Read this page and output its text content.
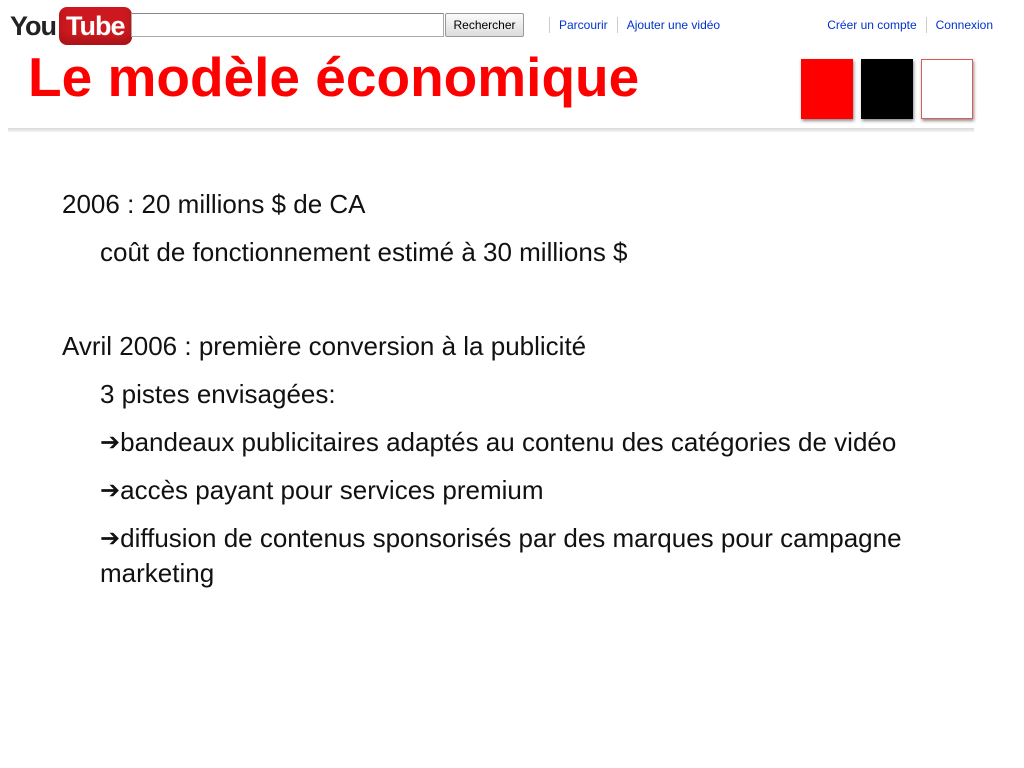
You Tube	Rechercher	Parcourir Ajouter une vidéo	Créer un compte Connexion
Le modèle économique

2006 : 20 millions $ de CA

coût de fonctionnement estimé à 30 millions $

Avril 2006 : première conversion à la publicité

3 pistes envisagées:

➔bandeaux publicitaires adaptés au contenu des catégories de vidéo

➔accès payant pour services premium

➔diffusion de contenus sponsorisés par des marques pour campagne marketing
